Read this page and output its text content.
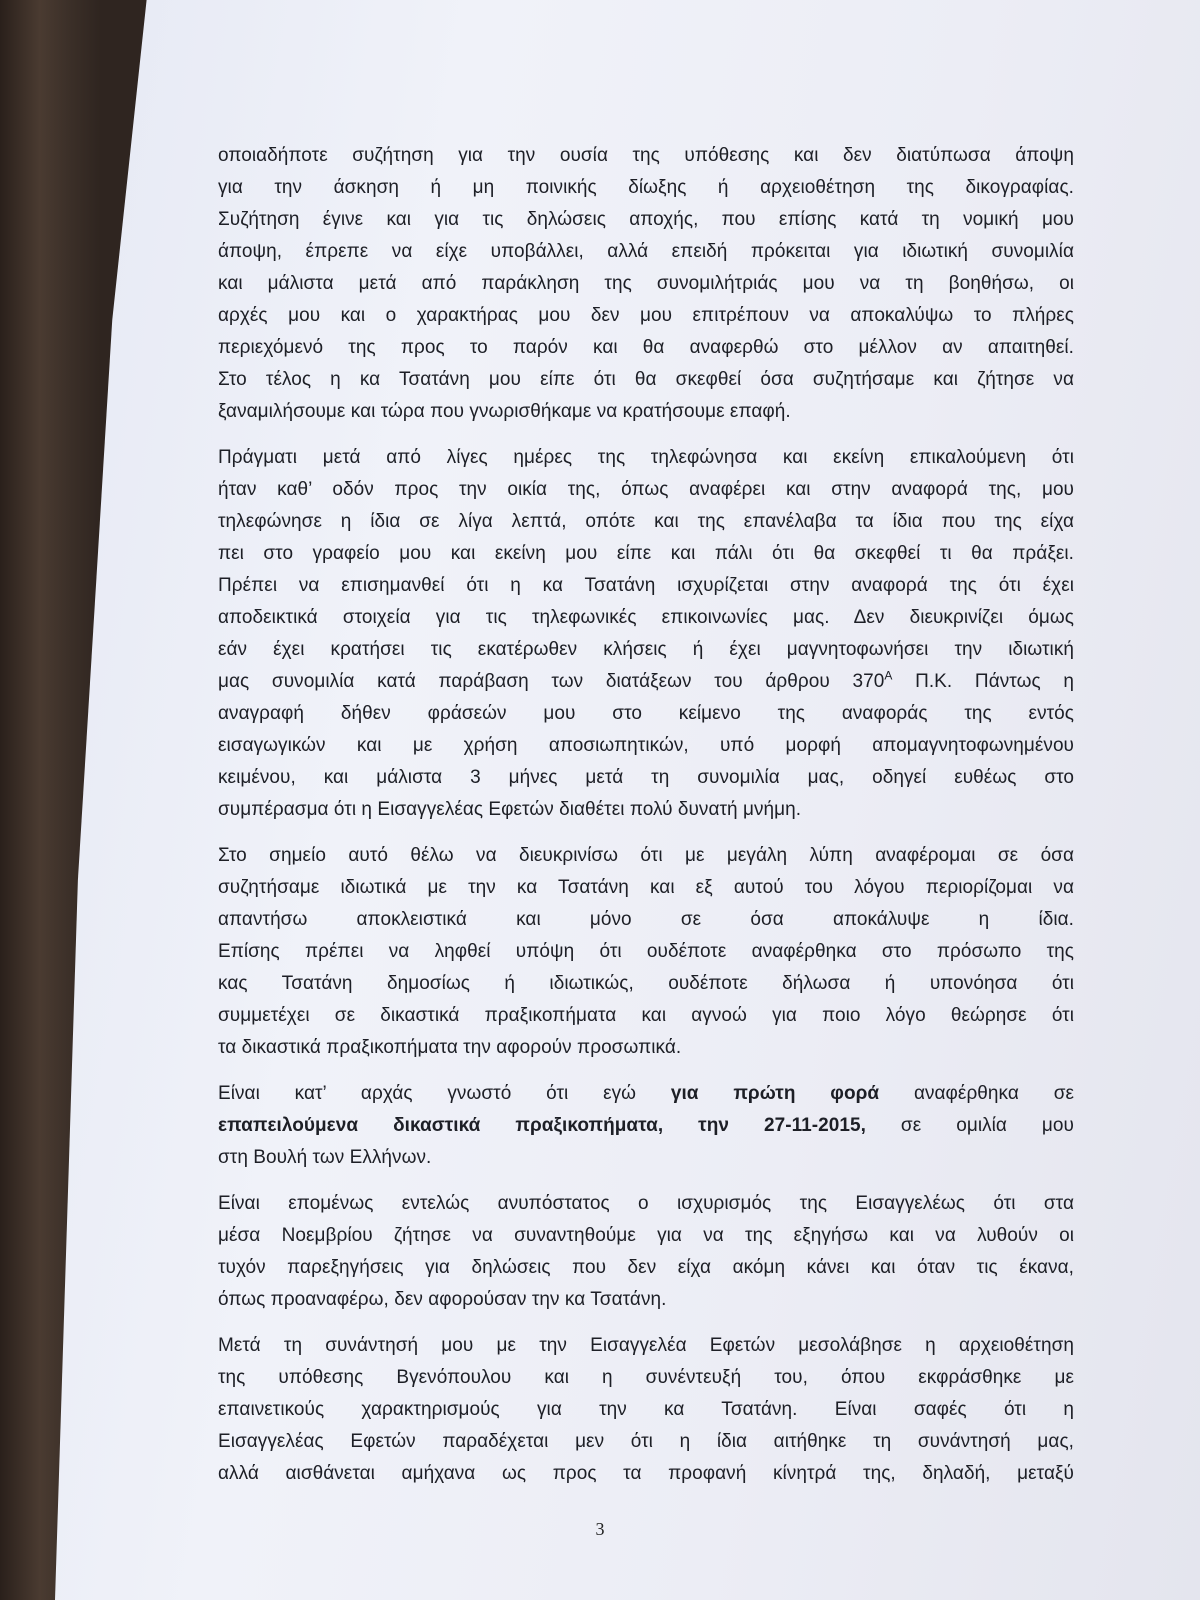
οποιαδήποτε συζήτηση για την ουσία της υπόθεσης και δεν διατύπωσα άποψη
για την άσκηση ή μη ποινικής δίωξης ή αρχειοθέτηση της δικογραφίας.
Συζήτηση έγινε και για τις δηλώσεις αποχής, που επίσης κατά τη νομική μου
άποψη, έπρεπε να είχε υποβάλλει, αλλά επειδή πρόκειται για ιδιωτική συνομιλία
και μάλιστα μετά από παράκληση της συνομιλήτριάς μου να τη βοηθήσω, οι
αρχές μου και ο χαρακτήρας μου δεν μου επιτρέπουν να αποκαλύψω το πλήρες
περιεχόμενό της προς το παρόν και θα αναφερθώ στο μέλλον αν απαιτηθεί.
Στο τέλος η κα Τσατάνη μου είπε ότι θα σκεφθεί όσα συζητήσαμε και ζήτησε να
ξαναμιλήσουμε και τώρα που γνωρισθήκαμε να κρατήσουμε επαφή.
Πράγματι μετά από λίγες ημέρες της τηλεφώνησα και εκείνη επικαλούμενη ότι
ήταν καθ’ οδόν προς την οικία της, όπως αναφέρει και στην αναφορά της, μου
τηλεφώνησε η ίδια σε λίγα λεπτά, οπότε και της επανέλαβα τα ίδια που της είχα
πει στο γραφείο μου και εκείνη μου είπε και πάλι ότι θα σκεφθεί τι θα πράξει.
Πρέπει να επισημανθεί ότι η κα Τσατάνη ισχυρίζεται στην αναφορά της ότι έχει
αποδεικτικά στοιχεία για τις τηλεφωνικές επικοινωνίες μας. Δεν διευκρινίζει όμως
εάν έχει κρατήσει τις εκατέρωθεν κλήσεις ή έχει μαγνητοφωνήσει την ιδιωτική
μας συνομιλία κατά παράβαση των διατάξεων του άρθρου $370^A$ Π.Κ. Πάντως η
αναγραφή δήθεν φράσεών μου στο κείμενο της αναφοράς της εντός
εισαγωγικών και με χρήση αποσιωπητικών, υπό μορφή απομαγνητοφωνημένου
κειμένου, και μάλιστα 3 μήνες μετά τη συνομιλία μας, οδηγεί ευθέως στο
συμπέρασμα ότι η Εισαγγελέας Εφετών διαθέτει πολύ δυνατή μνήμη.
Στο σημείο αυτό θέλω να διευκρινίσω ότι με μεγάλη λύπη αναφέρομαι σε όσα
συζητήσαμε ιδιωτικά με την κα Τσατάνη και εξ αυτού του λόγου περιορίζομαι να
απαντήσω αποκλειστικά και μόνο σε όσα αποκάλυψε η ίδια.
Επίσης πρέπει να ληφθεί υπόψη ότι ουδέποτε αναφέρθηκα στο πρόσωπο της
κας Τσατάνη δημοσίως ή ιδιωτικώς, ουδέποτε δήλωσα ή υπονόησα ότι
συμμετέχει σε δικαστικά πραξικοπήματα και αγνοώ για ποιο λόγο θεώρησε ότι
τα δικαστικά πραξικοπήματα την αφορούν προσωπικά.
Είναι κατ’ αρχάς γνωστό ότι εγώ για πρώτη φορά αναφέρθηκα σε
επαπειλούμενα δικαστικά πραξικοπήματα, την 27-11-2015, σε ομιλία μου
στη Βουλή των Ελλήνων.
Είναι επομένως εντελώς ανυπόστατος ο ισχυρισμός της Εισαγγελέως ότι στα
μέσα Νοεμβρίου ζήτησε να συναντηθούμε για να της εξηγήσω και να λυθούν οι
τυχόν παρεξηγήσεις για δηλώσεις που δεν είχα ακόμη κάνει και όταν τις έκανα,
όπως προαναφέρω, δεν αφορούσαν την κα Τσατάνη.
Μετά τη συνάντησή μου με την Εισαγγελέα Εφετών μεσολάβησε η αρχειοθέτηση
της υπόθεσης Βγενόπουλου και η συνέντευξή του, όπου εκφράσθηκε με
επαινετικούς χαρακτηρισμούς για την κα Τσατάνη. Είναι σαφές ότι η
Εισαγγελέας Εφετών παραδέχεται μεν ότι η ίδια αιτήθηκε τη συνάντησή μας,
αλλά αισθάνεται αμήχανα ως προς τα προφανή κίνητρά της, δηλαδή, μεταξύ
3
